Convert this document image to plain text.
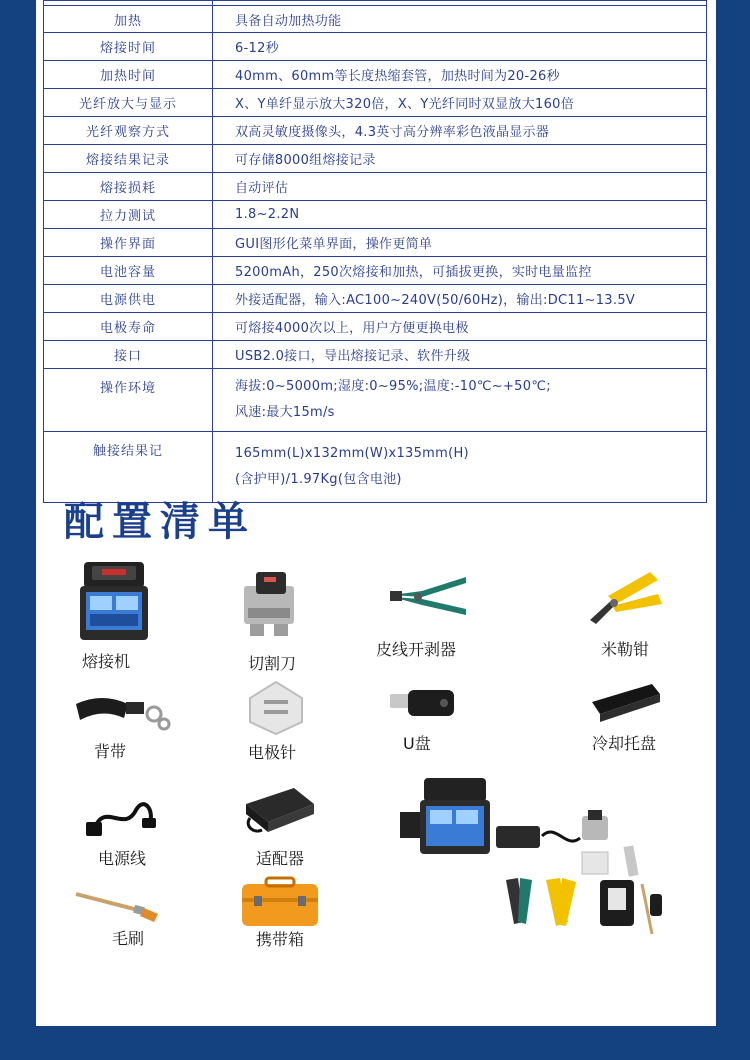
加热	具备自动加热功能
熔接时间	6-12秒
加热时间	40mm、60mm等长度热缩套管，加热时间为20-26秒
光纤放大与显示	X、Y单纤显示放大320倍，X、Y光纤同时双显放大160倍
光纤观察方式	双高灵敏度摄像头，4.3英寸高分辨率彩色液晶显示器
熔接结果记录	可存储8000组熔接记录
熔接损耗	自动评估
拉力测试	1.8~2.2N
操作界面	GUI图形化菜单界面，操作更简单
电池容量	5200mAh，250次熔接和加热，可插拔更换，实时电量监控
电源供电	外接适配器，输入:AC100~240V(50/60Hz)，输出:DC11~13.5V
电极寿命	可熔接4000次以上，用户方便更换电极
接口	USB2.0接口，导出熔接记录、软件升级
操作环境	海拔:0~5000m;湿度:0~95%;温度:-10℃~+50℃;
风速:最大15m/s

触接结果记	165mm(L)x132mm(W)x135mm(H)
(含护甲)/1.97Kg(包含电池)
配置清单
熔接机	切割刀
皮线开剥器	米勒钳
背带	电极针	U盘	冷却托盘
电源线	适配器
毛刷	携带箱
